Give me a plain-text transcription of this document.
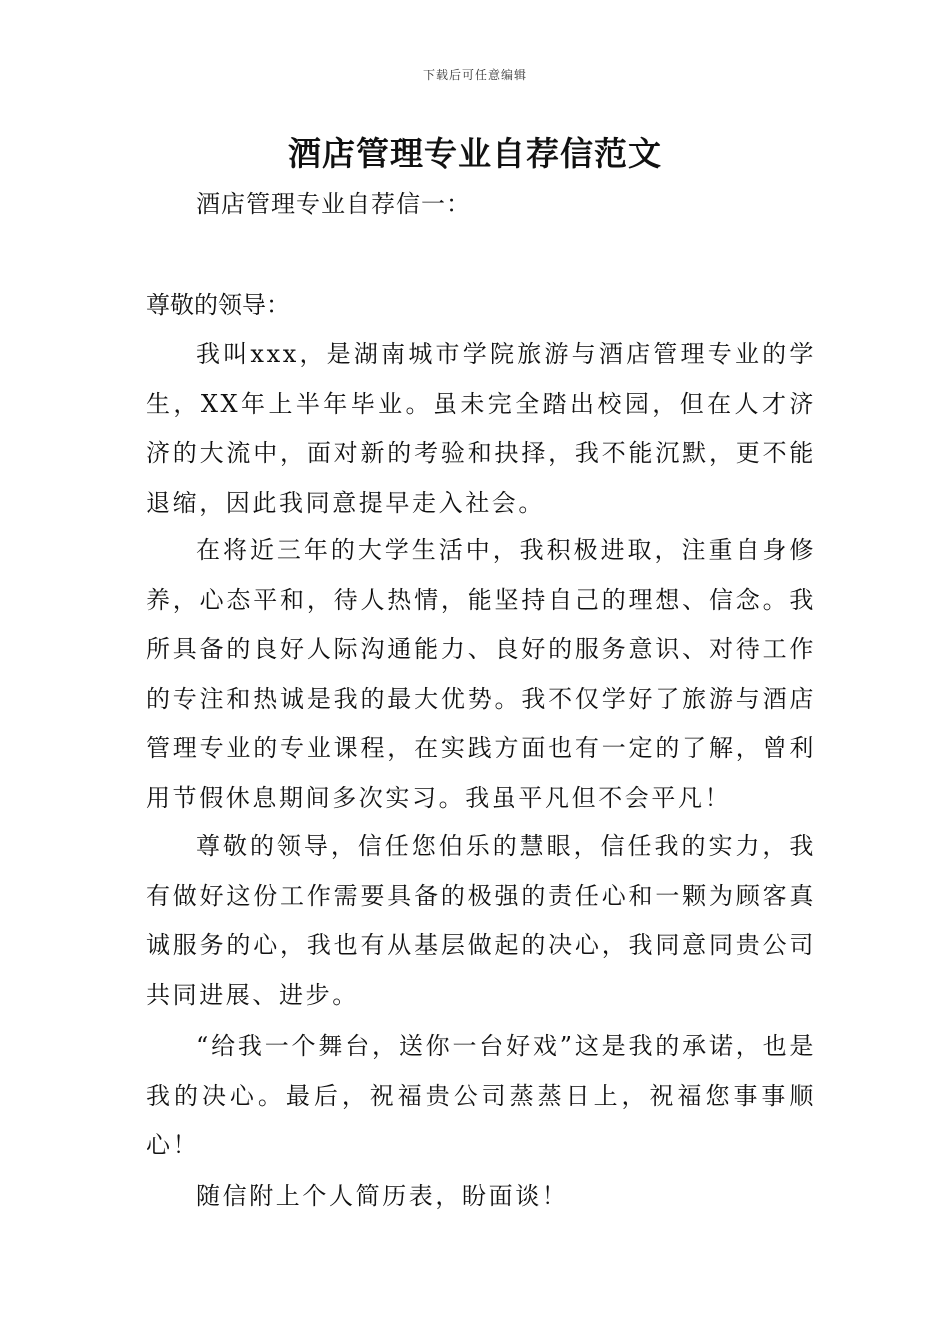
下载后可任意编辑
酒店管理专业自荐信范文
酒店管理专业自荐信一：
尊敬的领导：

我叫xxx，是湖南城市学院旅游与酒店管理专业的学生，XX年上半年毕业。虽未完全踏出校园，但在人才济济的大流中，面对新的考验和抉择，我不能沉默，更不能退缩，因此我同意提早走入社会。

在将近三年的大学生活中，我积极进取，注重自身修养，心态平和，待人热情，能坚持自己的理想、信念。我所具备的良好人际沟通能力、良好的服务意识、对待工作的专注和热诚是我的最大优势。我不仅学好了旅游与酒店管理专业的专业课程，在实践方面也有一定的了解，曾利用节假休息期间多次实习。我虽平凡但不会平凡！

尊敬的领导，信任您伯乐的慧眼，信任我的实力，我有做好这份工作需要具备的极强的责任心和一颗为顾客真诚服务的心，我也有从基层做起的决心，我同意同贵公司共同进展、进步。

“给我一个舞台，送你一台好戏”这是我的承诺，也是我的决心。最后，祝福贵公司蒸蒸日上，祝福您事事顺心！

随信附上个人简历表，盼面谈！
